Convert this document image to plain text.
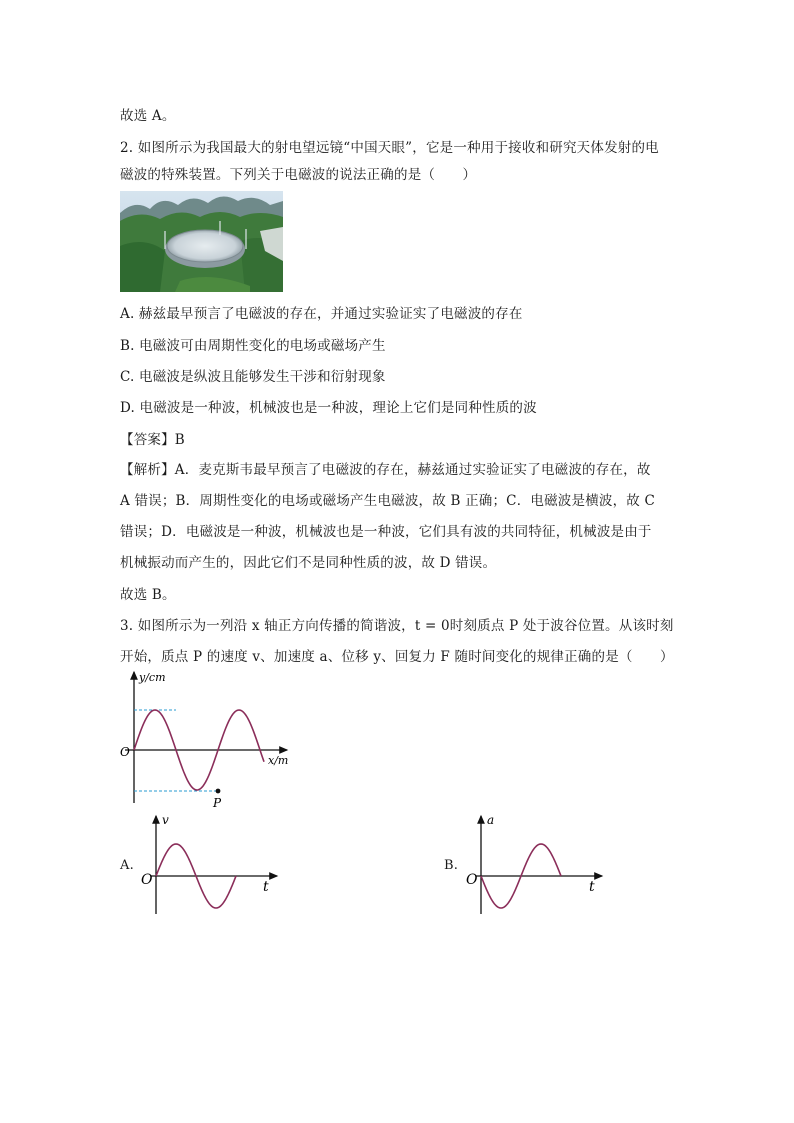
故选 A。
2. 如图所示为我国最大的射电望远镜“中国天眼”，它是一种用于接收和研究天体发射的电
磁波的特殊装置。下列关于电磁波的说法正确的是（　　）
A. 赫兹最早预言了电磁波的存在，并通过实验证实了电磁波的存在
B. 电磁波可由周期性变化的电场或磁场产生
C. 电磁波是纵波且能够发生干涉和衍射现象
D. 电磁波是一种波，机械波也是一种波，理论上它们是同种性质的波
【答案】B
【解析】A．麦克斯韦最早预言了电磁波的存在，赫兹通过实验证实了电磁波的存在，故
A 错误；B．周期性变化的电场或磁场产生电磁波，故 B 正确；C．电磁波是横波，故 C
错误；D．电磁波是一种波，机械波也是一种波，它们具有波的共同特征，机械波是由于
机械振动而产生的，因此它们不是同种性质的波，故 D 错误。
故选 B。
3. 如图所示为一列沿 x 轴正方向传播的简谐波，t = 0时刻质点 P 处于波谷位置。从该时刻
开始，质点 P 的速度 v、加速度 a、位移 y、回复力 F 随时间变化的规律正确的是（　　）
y/cm
x/m
O
P
A.
v
t
O
B.
a
t
O
